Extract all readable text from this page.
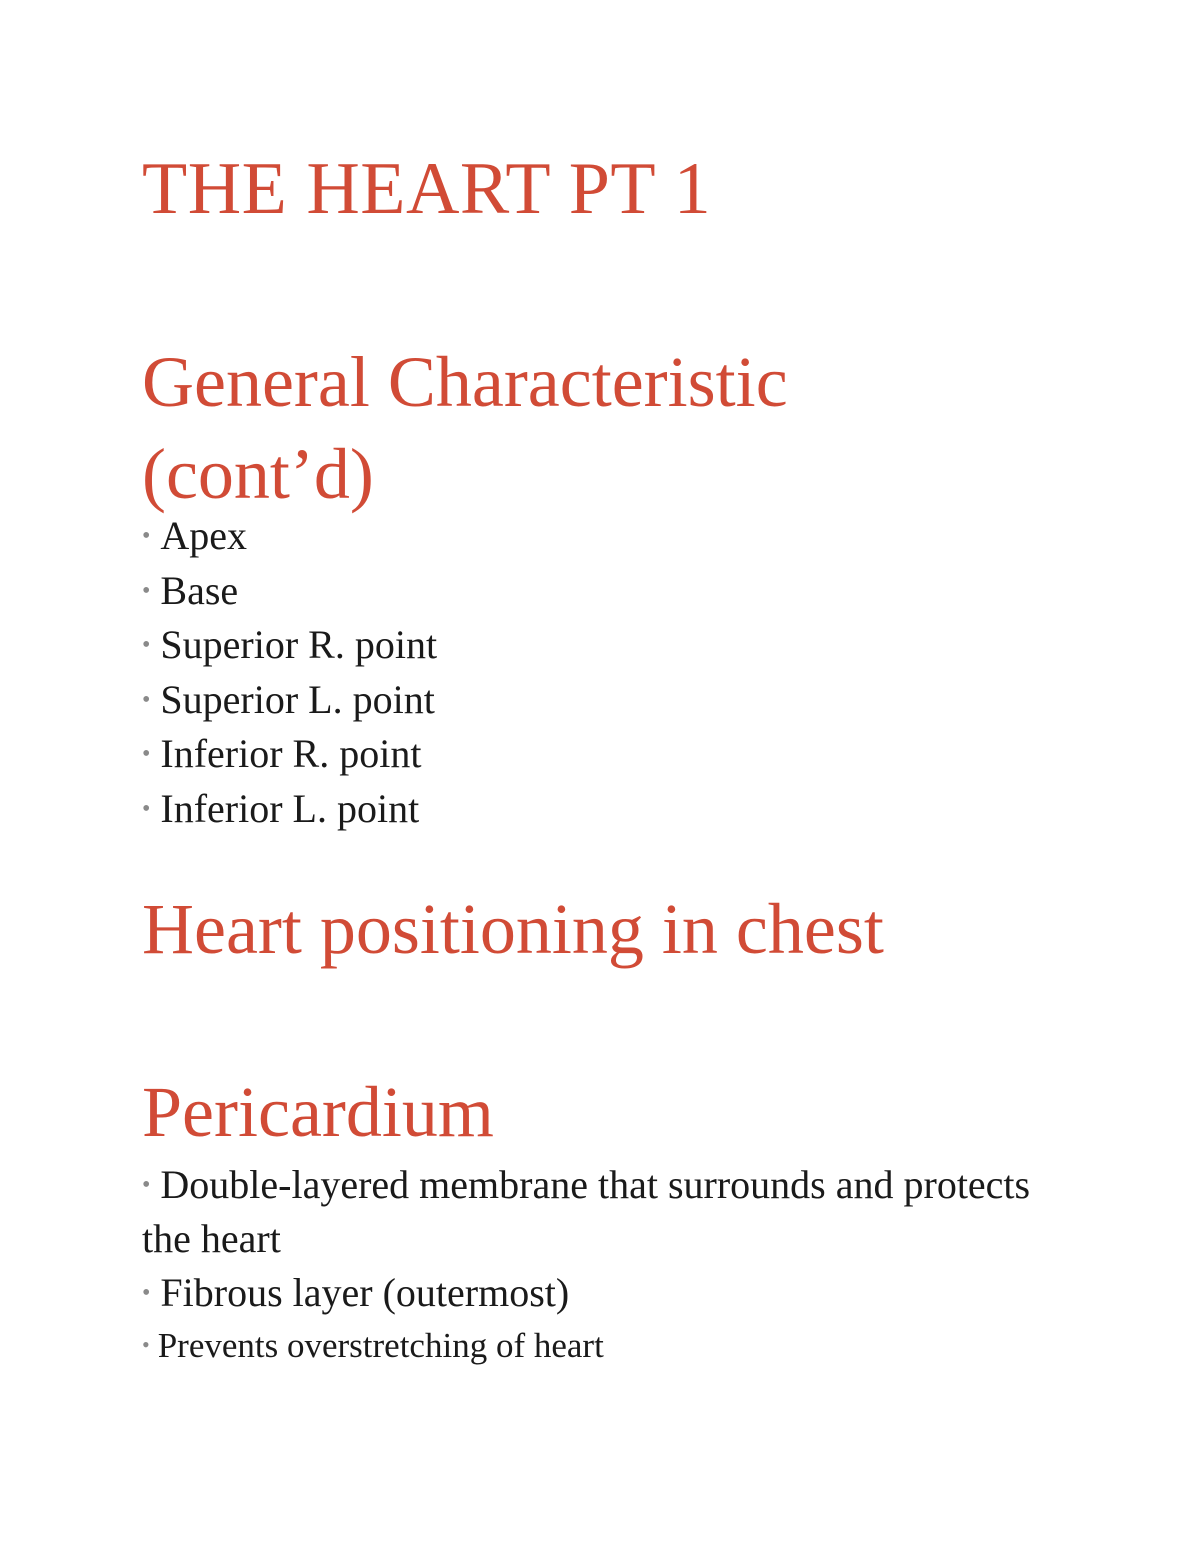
THE HEART PT 1
General Characteristic (cont’d)
• Apex
• Base
• Superior R. point
• Superior L. point
• Inferior R. point
• Inferior L. point
Heart positioning in chest
Pericardium
• Double-layered membrane that surrounds and protects the heart
• Fibrous layer (outermost)
• Prevents overstretching of heart
